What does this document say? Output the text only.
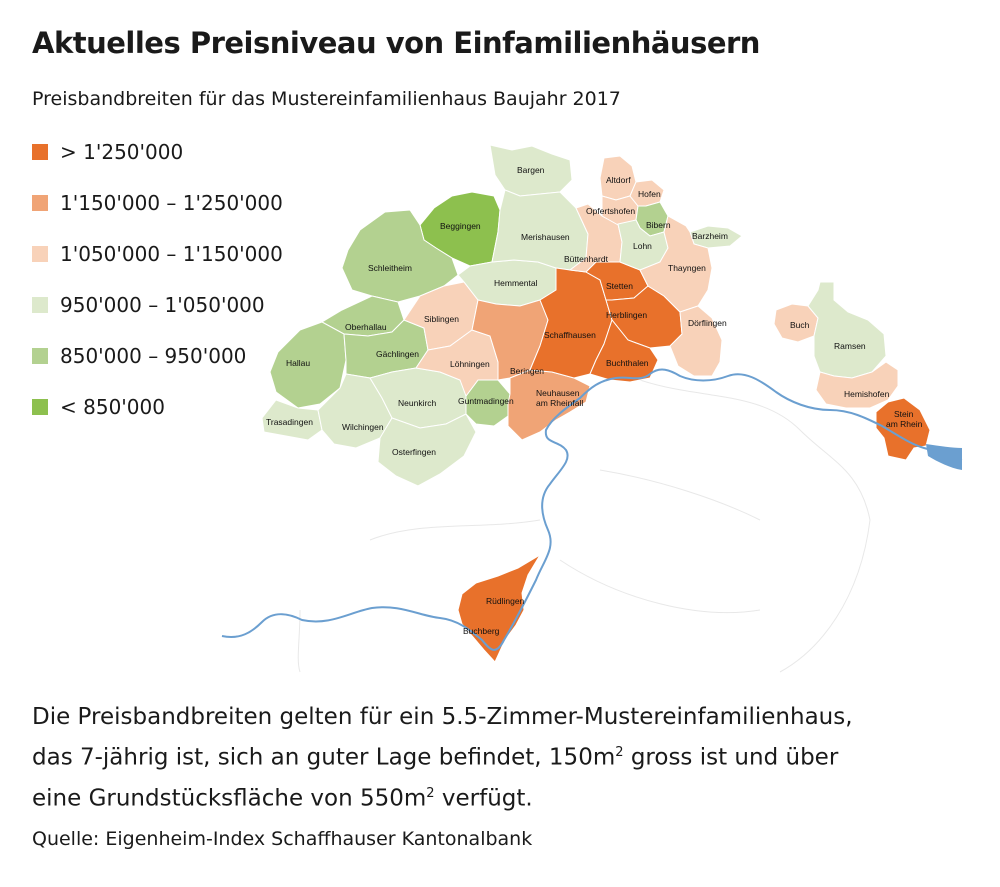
Aktuelles Preisniveau von Einfamilienhäusern
Preisbandbreiten für das Mustereinfamilienhaus Baujahr 2017
> 1'250'000
1'150'000 – 1'250'000
1'050'000 – 1'150'000
950'000 – 1'050'000
850'000 – 950'000
< 850'000
Bargen
Altdorf
Hofen
Opfertshofen
Bibern
Beggingen
Merishausen
Lohn
Barzheim
Schleitheim
Büttenhardt
Thayngen
Hemmental	Stetten
Buch
Oberhallau
Siblingen
Schaffhausen
Herblingen
Dörflingen
Ramsen
Hallau
Gächlingen
Löhningen
Beringen
Buchthalen
Neuhausen
am Rheinfall
Hemishofen
Neunkirch	Guntmadingen
Stein
am Rhein
Trasadingen	Wilchingen
Osterfingen
Rüdlingen
Buchberg
Die Preisbandbreiten gelten für ein 5.5-Zimmer-Mustereinfamilienhaus,
das 7-jährig ist, sich an guter Lage befindet, $150m^2$ gross ist und über
eine Grundstücksfläche von $550m^2$ verfügt.
Quelle: Eigenheim-Index Schaffhauser Kantonalbank
